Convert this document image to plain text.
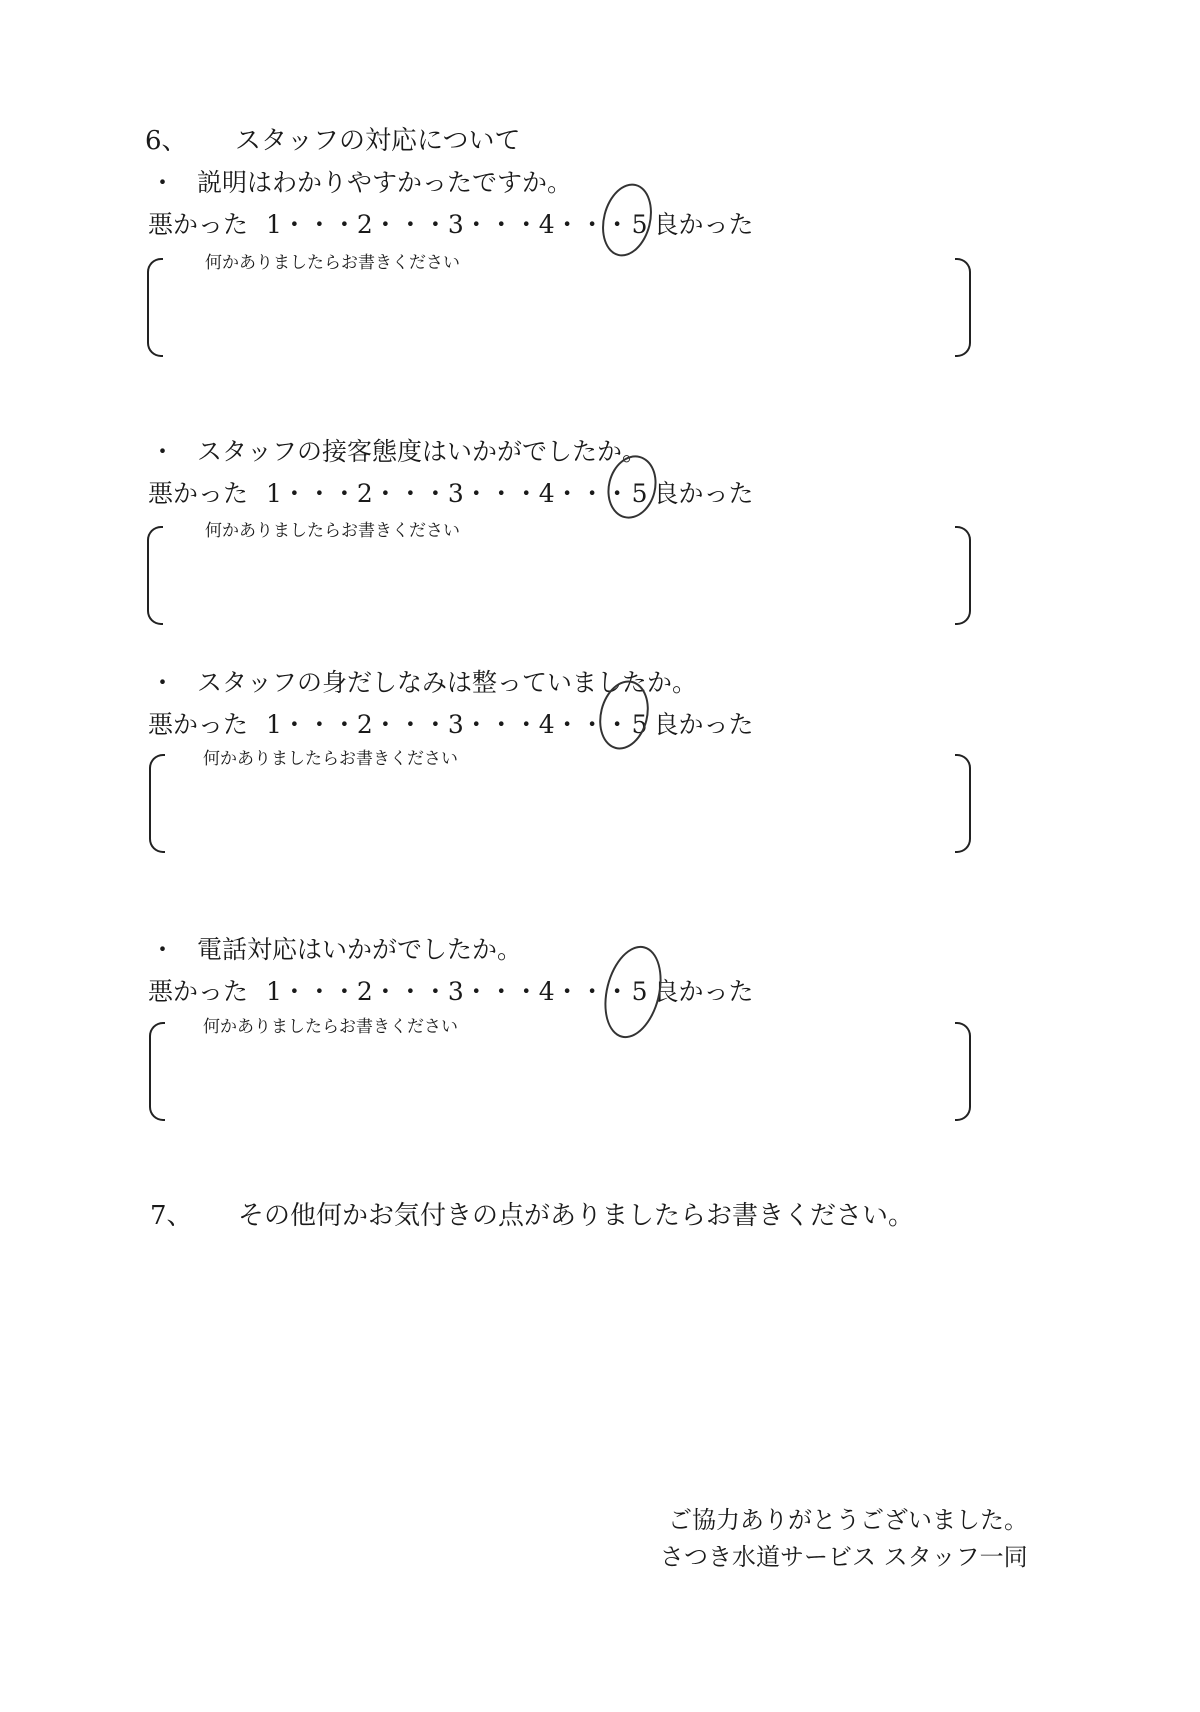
6、 スタッフの対応について
・ 説明はわかりやすかったですか。
悪かった 1・・・2・・・3・・・4・・・ 5 良かった
何かありましたらお書きください
・ スタッフの接客態度はいかがでしたか。
悪かった 1・・・2・・・3・・・4・・・ 5 良かった
何かありましたらお書きください
・ スタッフの身だしなみは整っていましたか。
悪かった 1・・・2・・・3・・・4・・・ 5 良かった
何かありましたらお書きください
・ 電話対応はいかがでしたか。
悪かった 1・・・2・・・3・・・4・・・ 5 良かった
何かありましたらお書きください
7、 その他何かお気付きの点がありましたらお書きください。
ご協力ありがとうございました。
さつき水道サービス スタッフ一同
